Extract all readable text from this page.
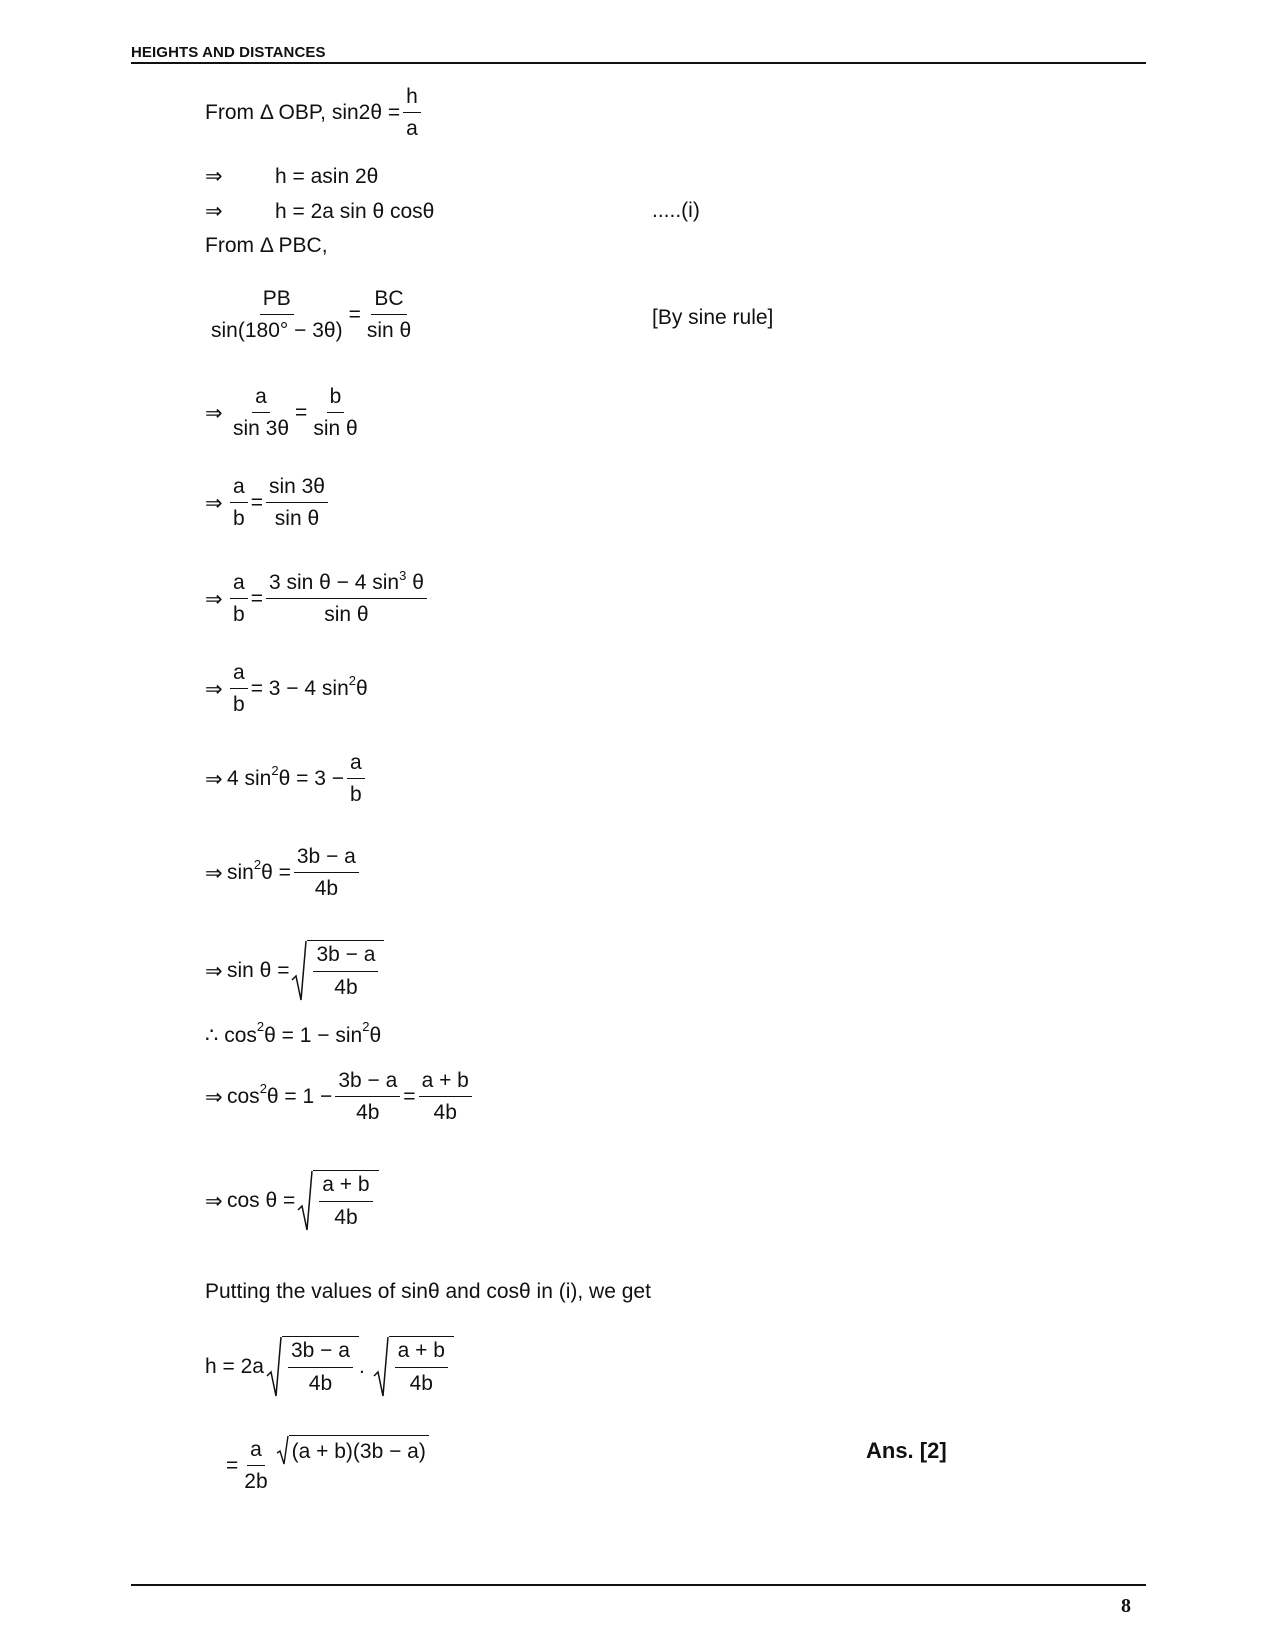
HEIGHTS AND DISTANCES
From Δ OBP, $\sin 2\theta = \frac{h}{a}$
⇒ h = asin 2θ
⇒ h = 2a sin θ cosθ	.....(i)
From Δ PBC,
$\frac{PB}{\sin(180^\circ - 3\theta)} = \frac{BC}{\text{sin θ}}$	[By sine rule]
⇒ $\frac{a}{\sin 3\theta} = \frac{b}{\text{sin θ}}$
⇒ $\frac{a}{b} = \frac{\sin 3\theta}{\text{sin θ}}$
⇒ $\frac{a}{b} = \frac{3 \sin \theta - 4 \sin^3 \theta}{\text{sin θ}}$
⇒ $\frac{a}{b} = 3 - 4$ sin 2 θ
⇒ 4 sin 2 $\theta = 3 - \frac{a}{b}$
⇒ sin 2 $\theta = \frac{3b - a}{4b}$
⇒ $\sin \theta = \frac{3b - a}{4b}$
∴
cos 2 θ = 1 − sin 2 θ
⇒ cos 2 $\theta = 1 - \frac{3b - a}{4b} = \frac{a + b}{4b}$
⇒ $\cos \theta = \frac{a + b}{4b}$
Putting the values of sinθ and cosθ in (i), we get
$h = 2a \frac{3b - a}{4b}$ .
$\frac{a + b}{4b}$
= $\frac{a}{2b} (a + b)(3b - a)$	Ans. [2]
8
